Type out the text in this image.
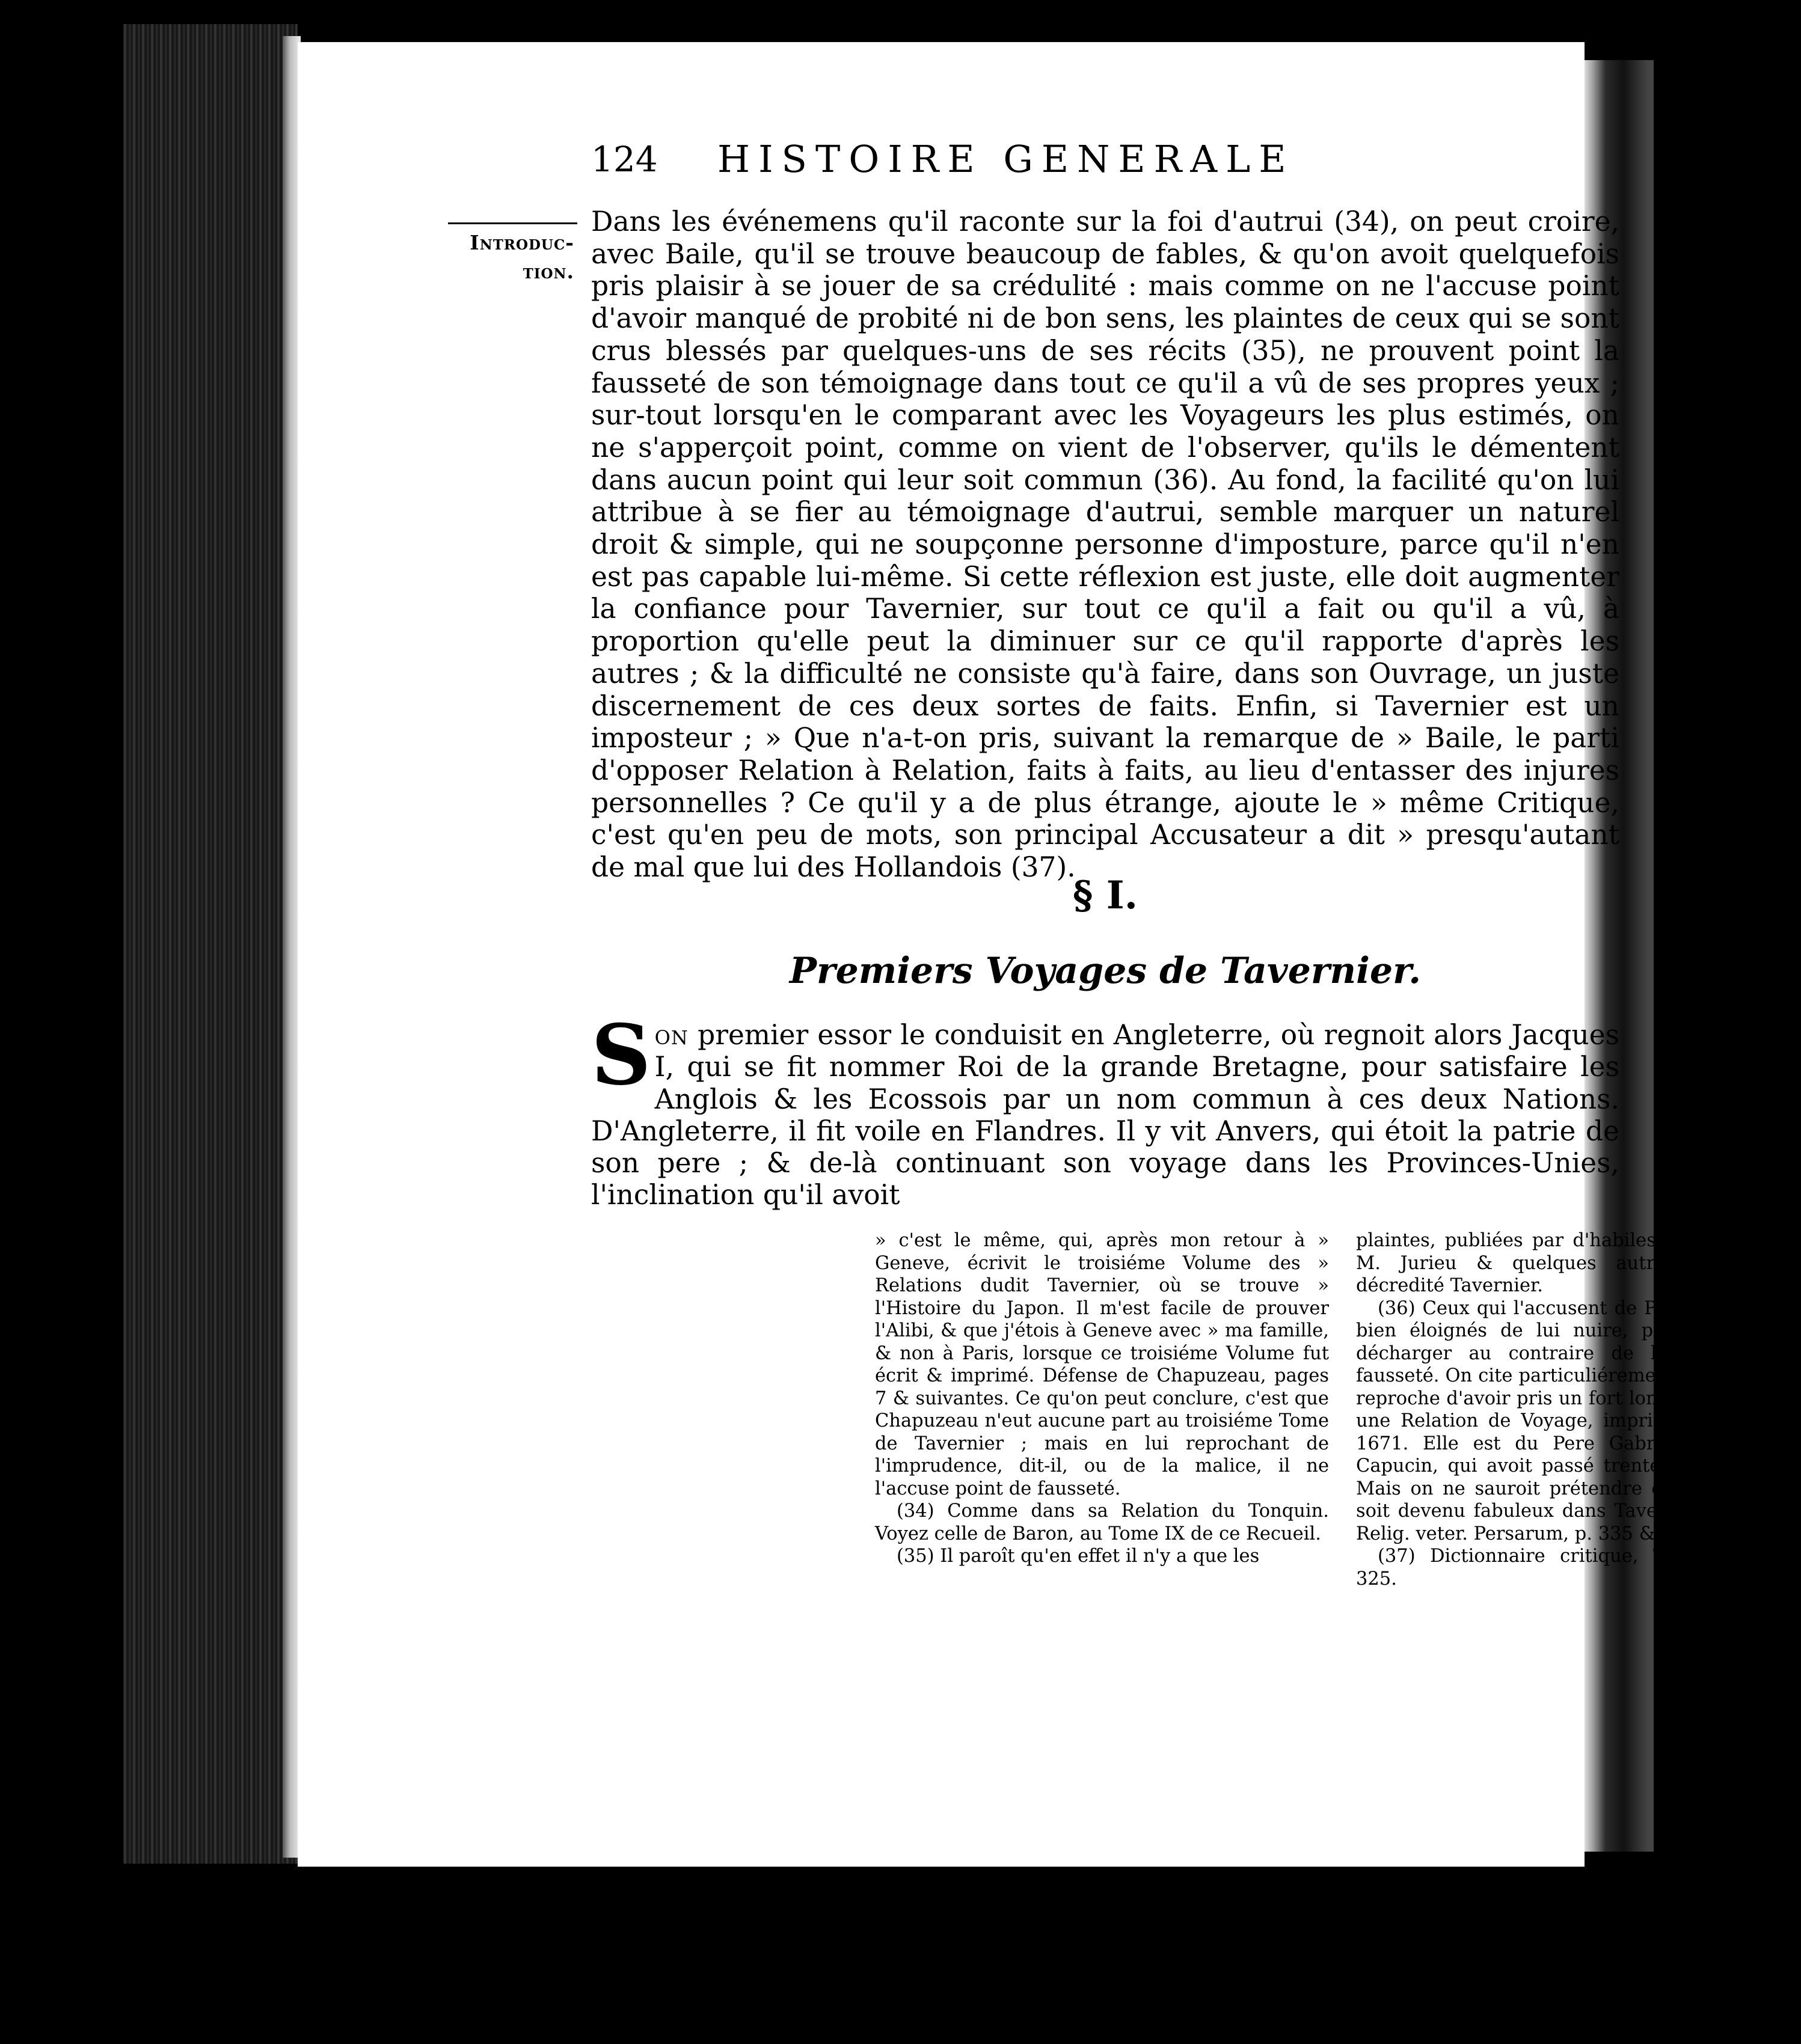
124 HISTOIRE GENERALE
Introduc-
tion.

Dans les événemens qu'il raconte sur la foi d'autrui (34), on peut croire, avec Baile, qu'il se trouve beaucoup de fables, & qu'on avoit quelquefois pris plaisir à se jouer de sa crédulité : mais comme on ne l'accuse point d'avoir manqué de probité ni de bon sens, les plaintes de ceux qui se sont crus blessés par quelques-uns de ses récits (35), ne prouvent point la fausseté de son témoignage dans tout ce qu'il a vû de ses propres yeux ; sur-tout lorsqu'en le comparant avec les Voyageurs les plus estimés, on ne s'apperçoit point, comme on vient de l'observer, qu'ils le démentent dans aucun point qui leur soit commun (36). Au fond, la facilité qu'on lui attribue à se fier au témoignage d'autrui, semble marquer un naturel droit & simple, qui ne soupçonne personne d'imposture, parce qu'il n'en est pas capable lui-même. Si cette réflexion est juste, elle doit augmenter la confiance pour Tavernier, sur tout ce qu'il a fait ou qu'il a vû, à proportion qu'elle peut la diminuer sur ce qu'il rapporte d'après les autres ; & la difficulté ne consiste qu'à faire, dans son Ouvrage, un juste discernement de ces deux sortes de faits. Enfin, si Tavernier est un imposteur ; » Que n'a-t-on pris, suivant la remarque de » Baile, le parti d'opposer Relation à Relation, faits à faits, au lieu d'entasser des injures personnelles ? Ce qu'il y a de plus étrange, ajoute le » même Critique, c'est qu'en peu de mots, son principal Accusateur a dit » presqu'autant de mal que lui des Hollandois (37).

§ I.
Premiers Voyages de Tavernier.
S on premier essor le conduisit en Angleterre, où regnoit alors Jacques I, qui se fit nommer Roi de la grande Bretagne, pour satisfaire les Anglois & les Ecossois par un nom commun à ces deux Nations. D'Angleterre, il fit voile en Flandres. Il y vit Anvers, qui étoit la patrie de son pere ; & de-là continuant son voyage dans les Provinces-Unies, l'inclination qu'il avoit

» c'est le même, qui, après mon retour à » Geneve, écrivit le troisiéme Volume des » Relations dudit Tavernier, où se trouve » l'Histoire du Japon. Il m'est facile de prouver l'Alibi, & que j'étois à Geneve avec » ma famille, & non à Paris, lorsque ce troisiéme Volume fut écrit & imprimé. Défense de Chapuzeau, pages 7 & suivantes. Ce qu'on peut conclure, c'est que Chapuzeau n'eut aucune part au troisiéme Tome de Tavernier ; mais en lui reprochant de l'imprudence, dit-il, ou de la malice, il ne l'accuse point de fausseté.

(34) Comme dans sa Relation du Tonquin. Voyez celle de Baron, au Tome IX de ce Recueil.

(35) Il paroît qu'en effet il n'y a que les

plaintes, publiées par d'habiles gens, tels que M. Jurieu & quelques autres, qui ayent décredité Tavernier.

(36) Ceux qui l'accusent de Plagiarisme sont bien éloignés de lui nuire, puisque c'est le décharger au contraire de l'accusation de fausseté. On cite particuliérement Hyde, qui lui reproche d'avoir pris un fort long passage dans une Relation de Voyage, imprimée à Lyon en 1671. Elle est du Pere Gabriel de Chinon, Capucin, qui avoit passé trente ans en Perse. Mais on ne sauroit prétendre que ce passage soit devenu fabuleux dans Tavernier. Hyde, de Relig. veter. Persarum, p. 335 & seq.

(37) Dictionnaire critique, Tome IV. page 325.
